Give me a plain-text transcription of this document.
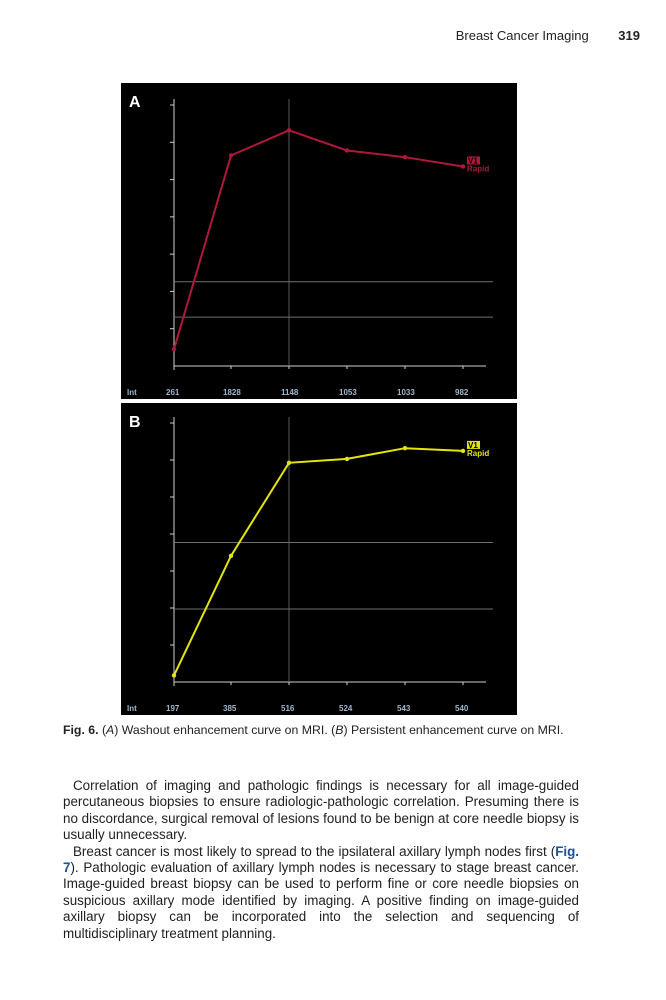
Breast Cancer Imaging 319
V1
Rapid
A
Int	261	1828	1148	1053	1033	982
V1
Rapid
B
Int	197	385	516	524	543	540
Fig. 6. (A) Washout enhancement curve on MRI. (B) Persistent enhancement curve on MRI.

Correlation of imaging and pathologic findings is necessary for all image-guided percutaneous biopsies to ensure radiologic-pathologic correlation. Presuming there is no discordance, surgical removal of lesions found to be benign at core needle biopsy is usually unnecessary.

Breast cancer is most likely to spread to the ipsilateral axillary lymph nodes first (Fig. 7). Pathologic evaluation of axillary lymph nodes is necessary to stage breast cancer. Image-guided breast biopsy can be used to perform fine or core needle biopsies on suspicious axillary mode identified by imaging. A positive finding on image-guided axillary biopsy can be incorporated into the selection and sequencing of multidisciplinary treatment planning.
